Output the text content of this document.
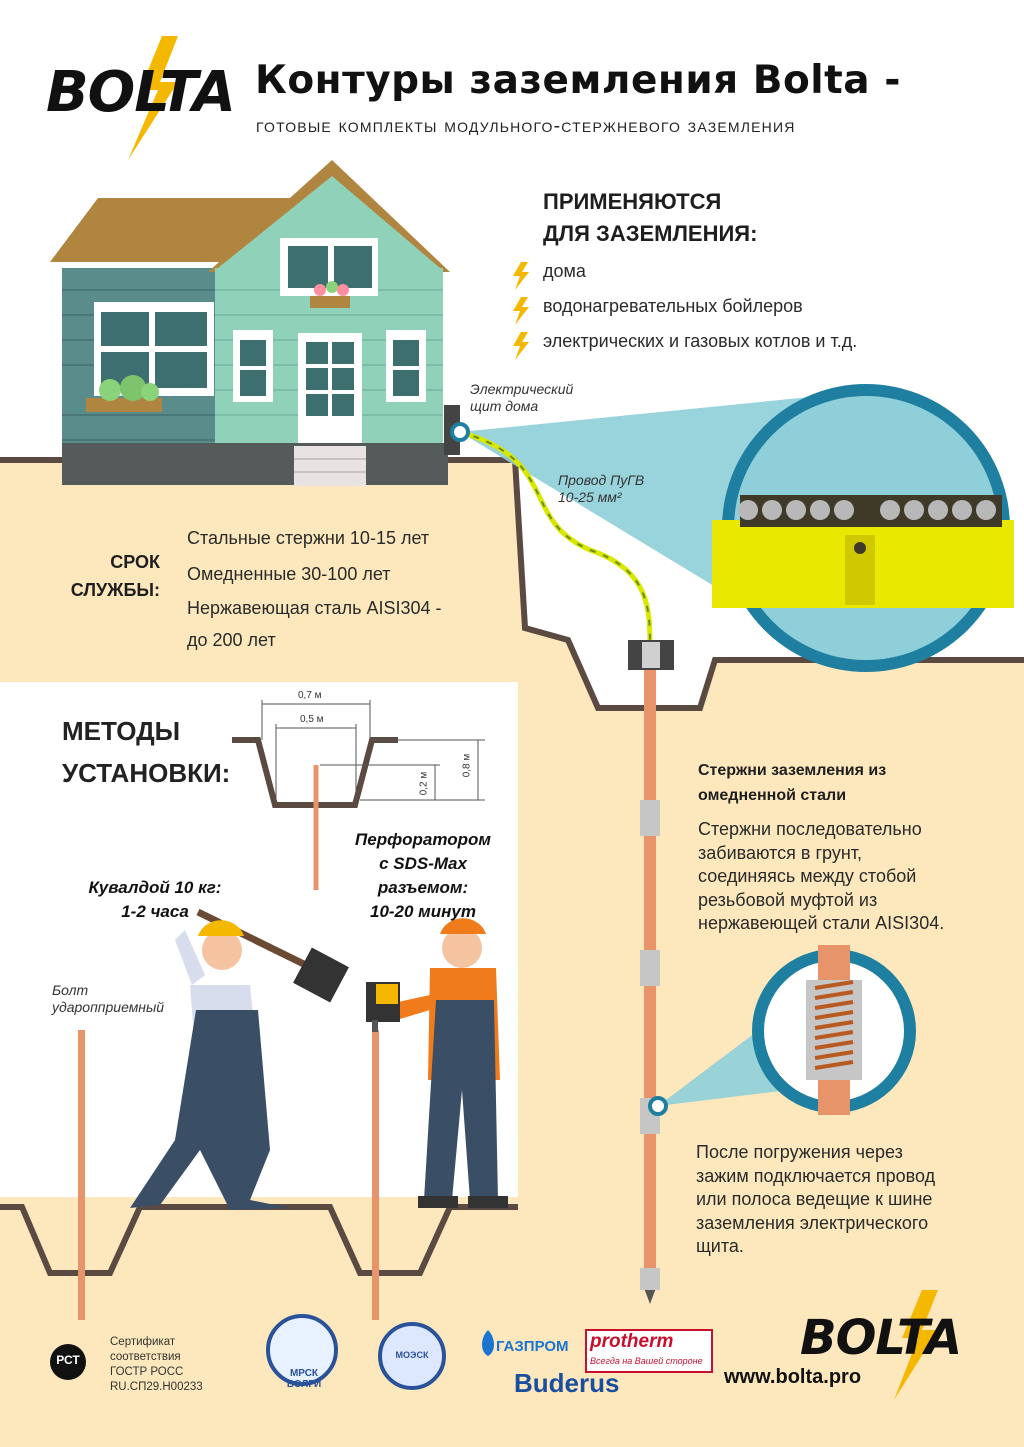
BOLTA Контуры заземления Bolta -
готовые комплекты модульного-стержневого заземления
ПРИМЕНЯЮТСЯ
ДЛЯ ЗАЗЕМЛЕНИЯ:
дома
водонагревательных бойлеров
электрических и газовых котлов и т.д.
Электрический
щит дома
Провод ПуГВ
10-25 мм²
СРОК
СЛУЖБЫ:
Стальные стержни 10-15 лет
Омедненные 30-100 лет
Нержавеющая сталь AISI304 -
до 200 лет
МЕТОДЫ
УСТАНОВКИ:
0,7 м
0,5 м
0,2 м
0,8 м
Кувалдой 10 кг:
1-2 часа
Перфоратором
с SDS-Max
разъемом:
10-20 минут
Болт
ударопприемный
Стержни заземления из
омедненной стали
Стержни последовательно
забиваются в грунт,
соединяясь между стобой
резьбовой муфтой из
нержавеющей стали AISI304.
После погружения через
зажим подключается провод
или полоса ведещие к шине
заземления электрического
щита.
РСТ
Сертификат
соответствия
ГОСТР РОСС
RU.СП29.Н00233
МРСК
ВОЛГИ
МОЭСК	ГАЗПРОМ protherm
Всегда на Вашей стороне
Buderus
BOLTA
www.bolta.pro
